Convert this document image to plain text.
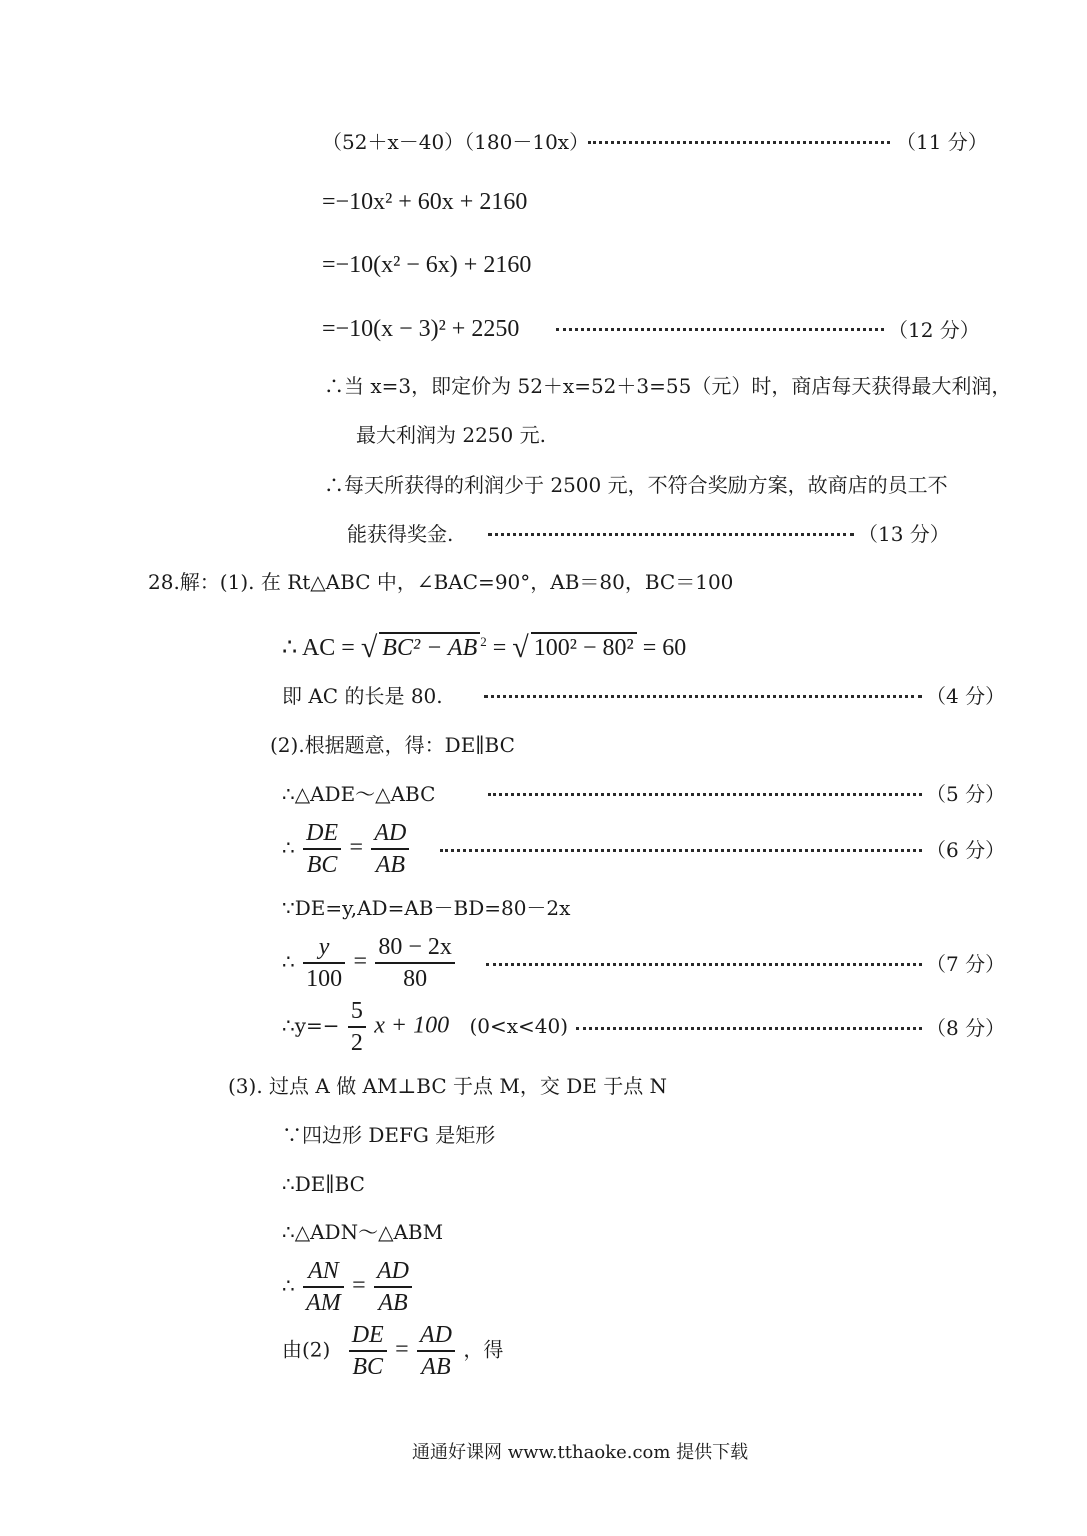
（52＋x－40）（180－10x）	（11 分）
=−10x² + 60x + 2160
=−10(x² − 6x) + 2160
=−10(x − 3)² + 2250	（12 分）
∴当 x=3，即定价为 52＋x=52＋3=55（元）时，商店每天获得最大利润，
最大利润为 2250 元.
∴每天所获得的利润少于 2500 元，不符合奖励方案，故商店的员工不
能获得奖金.	（13 分）
28.解：(1). 在 Rt△ABC 中，∠BAC=90°，AB＝80，BC＝100
∴ AC = √ BC² − AB $^2$ = √ 100² − 80² = 60
即 AC 的长是 80.	（4 分）
(2).根据题意，得：DE∥BC
∴△ADE～△ABC	（5 分）
∴ $\frac{DE}{BC} = \frac{AD}{AB}$	（6 分）
∵DE=y,AD=AB－BD=80－2x
∴ $\frac{y}{100} = \frac{80 - 2x}{80}$	（7 分）
∴y=− $\frac{5}{2}$ x + 100 (0<x<40)	（8 分）
(3). 过点 A 做 AM⊥BC 于点 M，交 DE 于点 N
∵四边形 DEFG 是矩形
∴DE∥BC
∴△ADN～△ABM
∴ $\frac{AN}{AM} = \frac{AD}{AB}$
由$(2) \frac{DE}{BC} = \frac{AD}{AB}$ ，得
通通好课网 www.tthaoke.com 提供下载
